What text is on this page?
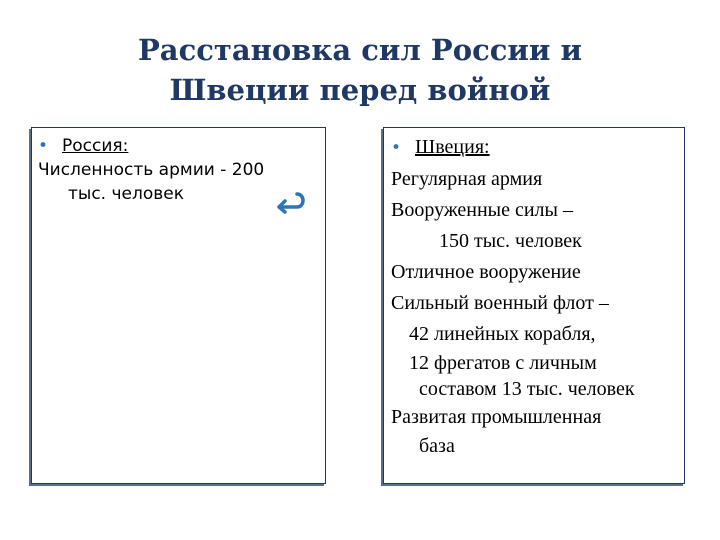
Расстановка сил России и
Швеции перед войной
• Россия:
Численность армии - 200
тыс. человек
• Швеция:
Регулярная армия
Вооруженные силы –
150 тыс. человек
Отличное вооружение
Сильный военный флот –
42 линейных корабля,
12 фрегатов с личным
составом 13 тыс. человек
Развитая промышленная
база
